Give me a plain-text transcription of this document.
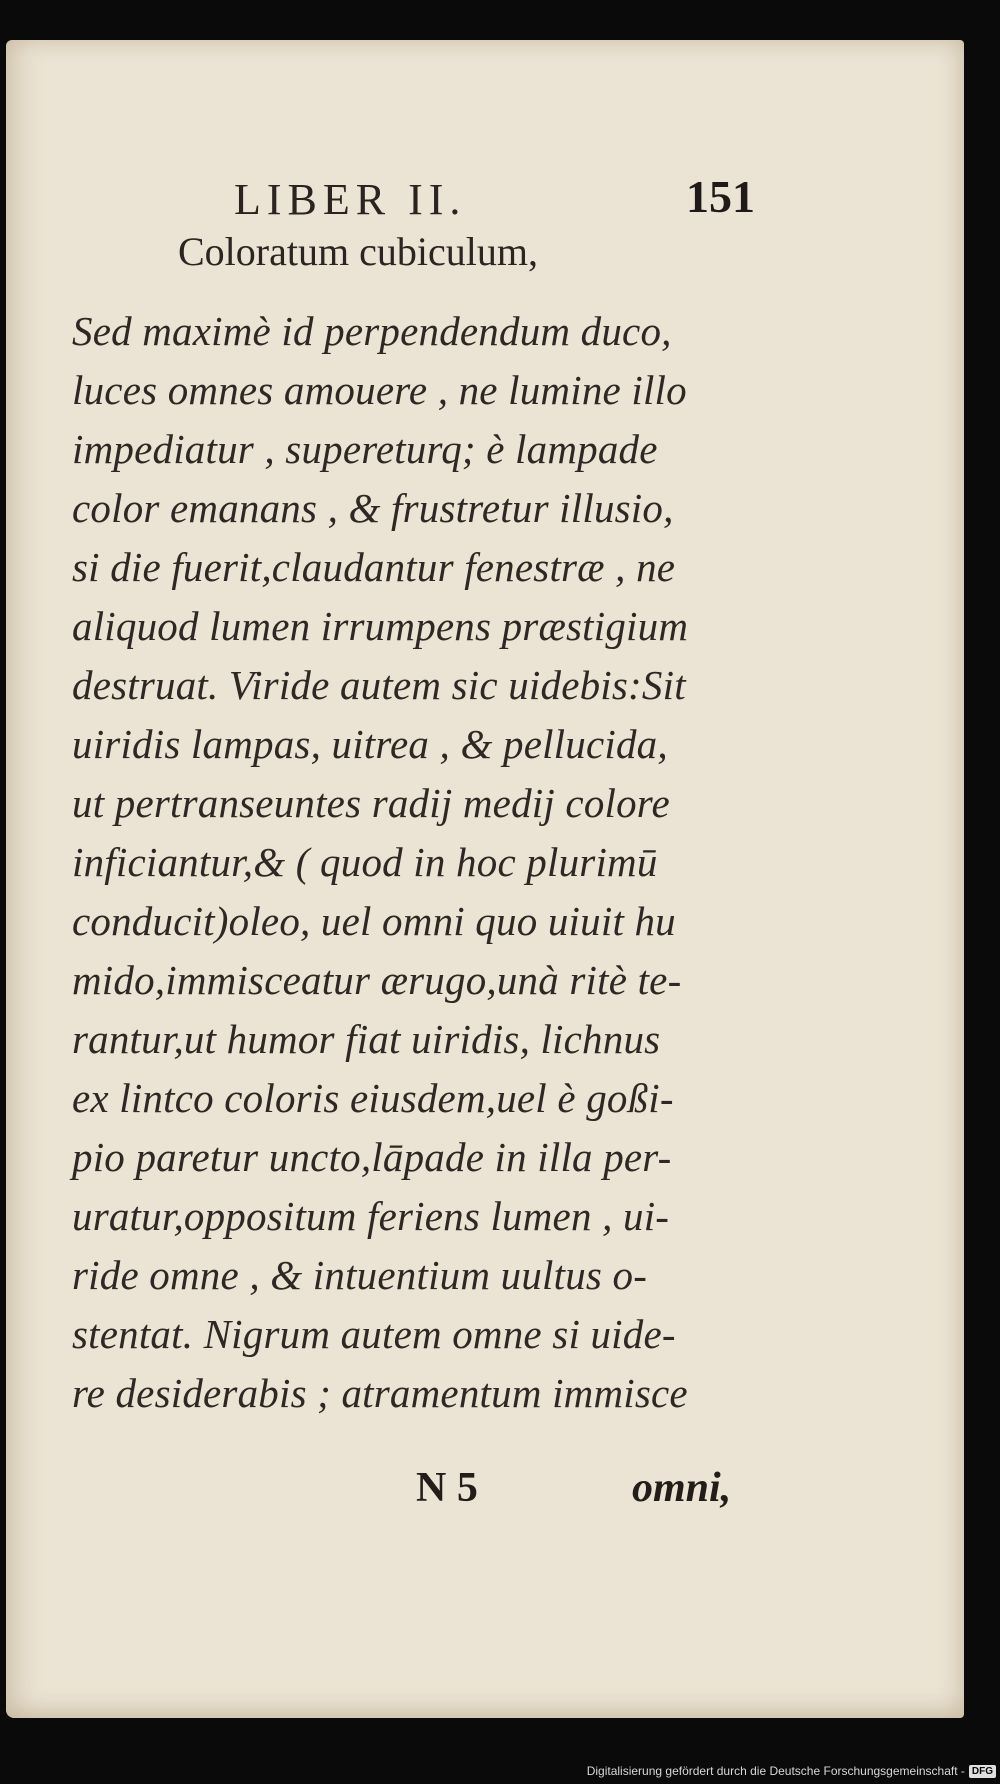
LIBER II.	151
Coloratum cubiculum,
Sed maximè id perpendendum duco,
luces omnes amouere , ne lumine illo
impediatur , supereturq; è lampade
color emanans , & frustretur illusio,
si die fuerit,claudantur fenestræ , ne
aliquod lumen irrumpens præstigium
destruat. Viride autem sic uidebis:Sit
uiridis lampas, uitrea , & pellucida,
ut pertranseuntes radij medij colore
inficiantur,& ( quod in hoc plurimū
conducit)oleo, uel omni quo uiuit hu
mido,immisceatur ærugo,unà ritè te-
rantur,ut humor fiat uiridis, lichnus
ex lintco coloris eiusdem,uel è goßi-
pio paretur uncto,lāpade in illa per-
uratur,oppositum feriens lumen , ui-
ride omne , & intuentium uultus o-
stentat. Nigrum autem omne si uide-
re desiderabis ; atramentum immisce
N 5	omni,
Digitalisierung gefördert durch die Deutsche Forschungsgemeinschaft - DFG
